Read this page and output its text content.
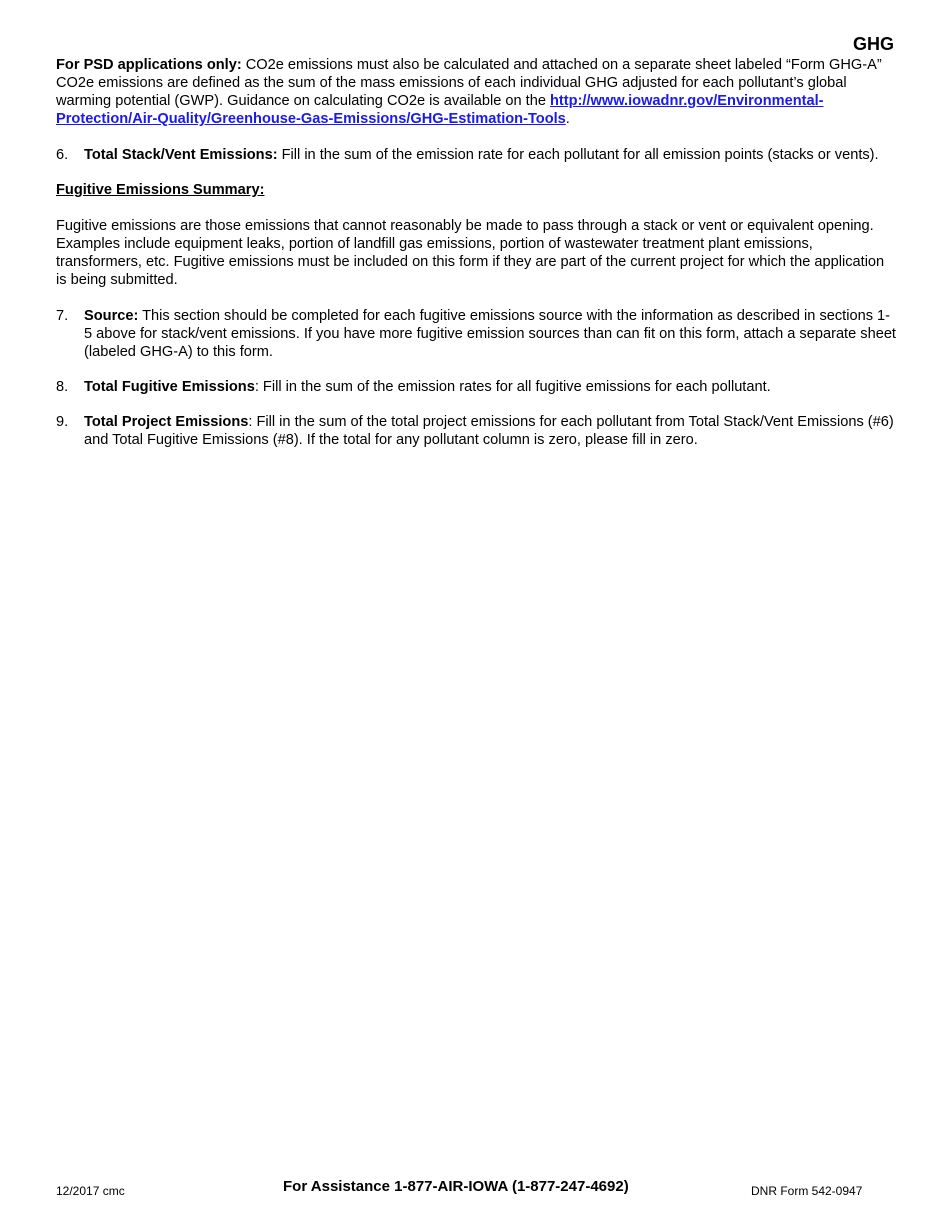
GHG

For PSD applications only: CO2e emissions must also be calculated and attached on a separate sheet labeled “Form GHG-A” CO2e emissions are defined as the sum of the mass emissions of each individual GHG adjusted for each pollutant’s global warming potential (GWP). Guidance on calculating CO2e is available on the http://www.iowadnr.gov/Environmental-Protection/Air-Quality/Greenhouse-Gas-Emissions/GHG-Estimation-Tools.

6.	Total Stack/Vent Emissions: Fill in the sum of the emission rate for each pollutant for all emission points (stacks or vents).

Fugitive Emissions Summary:

Fugitive emissions are those emissions that cannot reasonably be made to pass through a stack or vent or equivalent opening. Examples include equipment leaks, portion of landfill gas emissions, portion of wastewater treatment plant emissions, transformers, etc. Fugitive emissions must be included on this form if they are part of the current project for which the application is being submitted.

7.	Source: This section should be completed for each fugitive emissions source with the information as described in sections 1-5 above for stack/vent emissions. If you have more fugitive emission sources than can fit on this form, attach a separate sheet (labeled GHG-A) to this form.
8.	Total Fugitive Emissions: Fill in the sum of the emission rates for all fugitive emissions for each pollutant.
9.	Total Project Emissions: Fill in the sum of the total project emissions for each pollutant from Total Stack/Vent Emissions (#6) and Total Fugitive Emissions (#8). If the total for any pollutant column is zero, please fill in zero.
12/2017 cmc	For Assistance 1-877-AIR-IOWA (1-877-247-4692)	DNR Form 542-0947
